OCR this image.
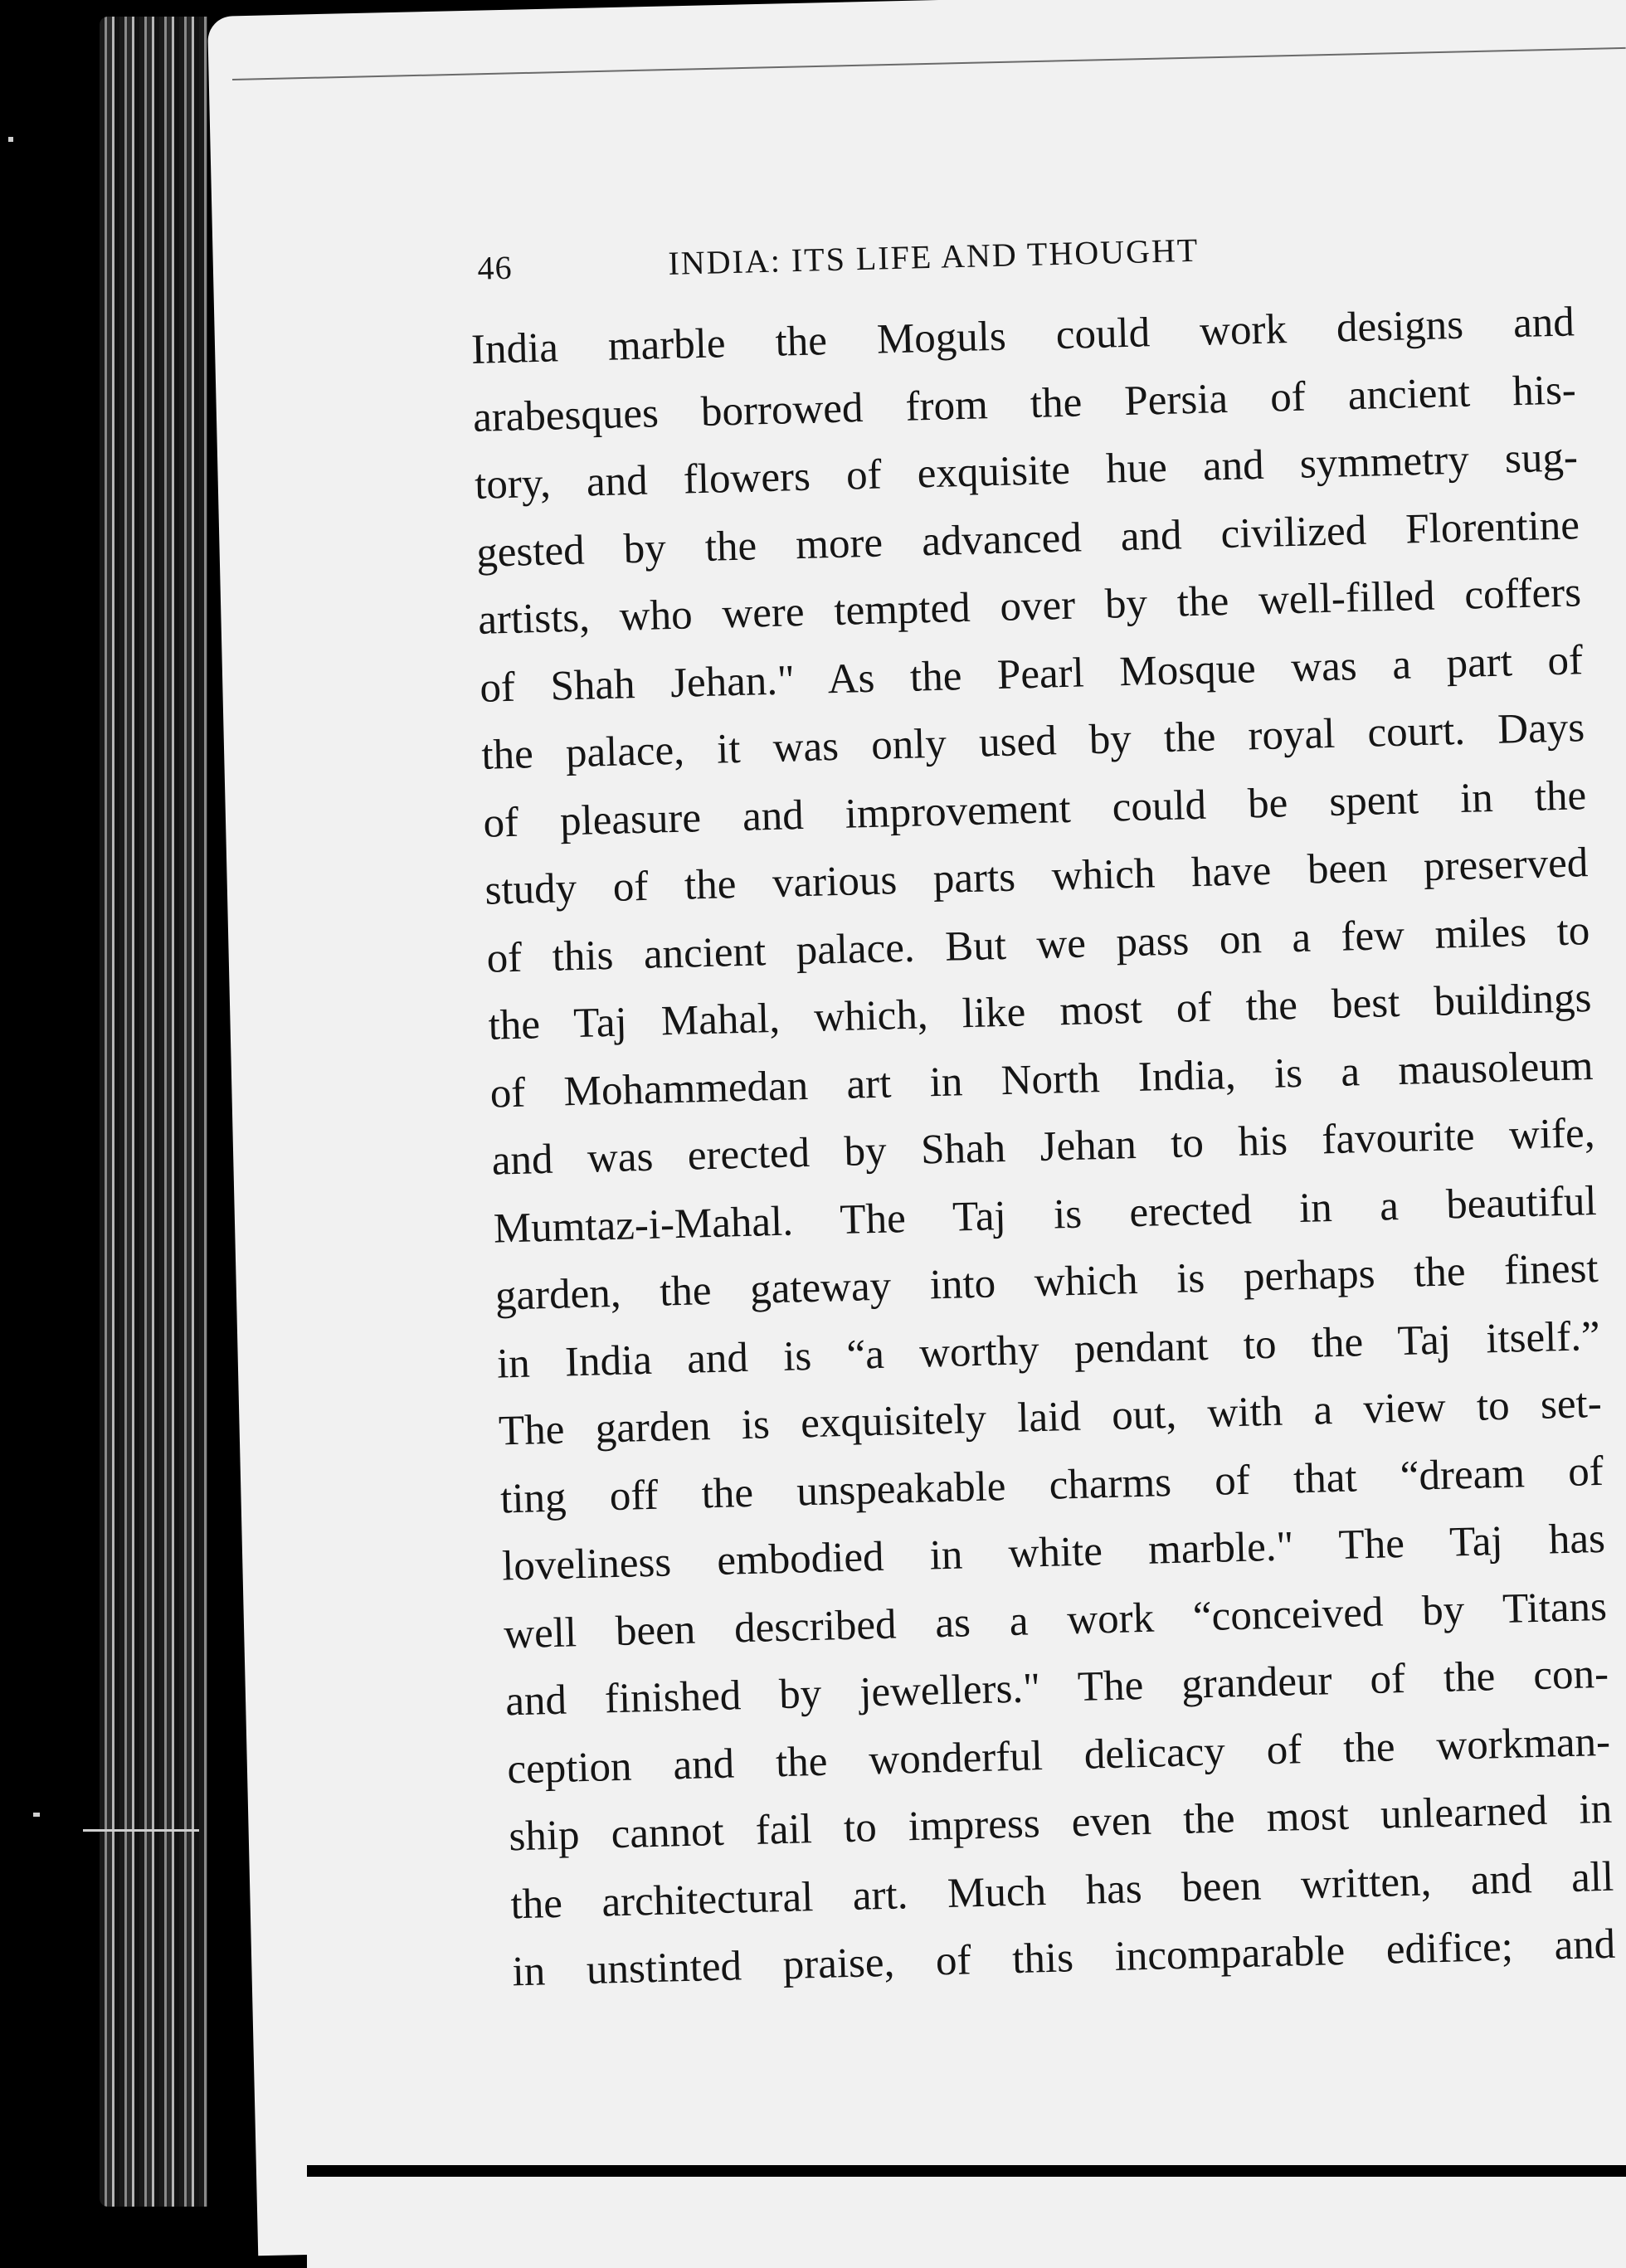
46	INDIA: ITS LIFE AND THOUGHT
India marble the Moguls could work designs and
arabesques borrowed from the Persia of ancient his-
tory, and flowers of exquisite hue and symmetry sug-
gested by the more advanced and civilized Florentine
artists, who were tempted over by the well-filled coffers
of Shah Jehan." As the Pearl Mosque was a part of
the palace, it was only used by the royal court. Days
of pleasure and improvement could be spent in the
study of the various parts which have been preserved
of this ancient palace. But we pass on a few miles to
the Taj Mahal, which, like most of the best buildings
of Mohammedan art in North India, is a mausoleum
and was erected by Shah Jehan to his favourite wife,
Mumtaz-i-Mahal. The Taj is erected in a beautiful
garden, the gateway into which is perhaps the finest
in India and is “a worthy pendant to the Taj itself.”
The garden is exquisitely laid out, with a view to set-
ting off the unspeakable charms of that “dream of
loveliness embodied in white marble." The Taj has
well been described as a work “conceived by Titans
and finished by jewellers." The grandeur of the con-
ception and the wonderful delicacy of the workman-
ship cannot fail to impress even the most unlearned in
the architectural art. Much has been written, and all
in unstinted praise, of this incomparable edifice; and
